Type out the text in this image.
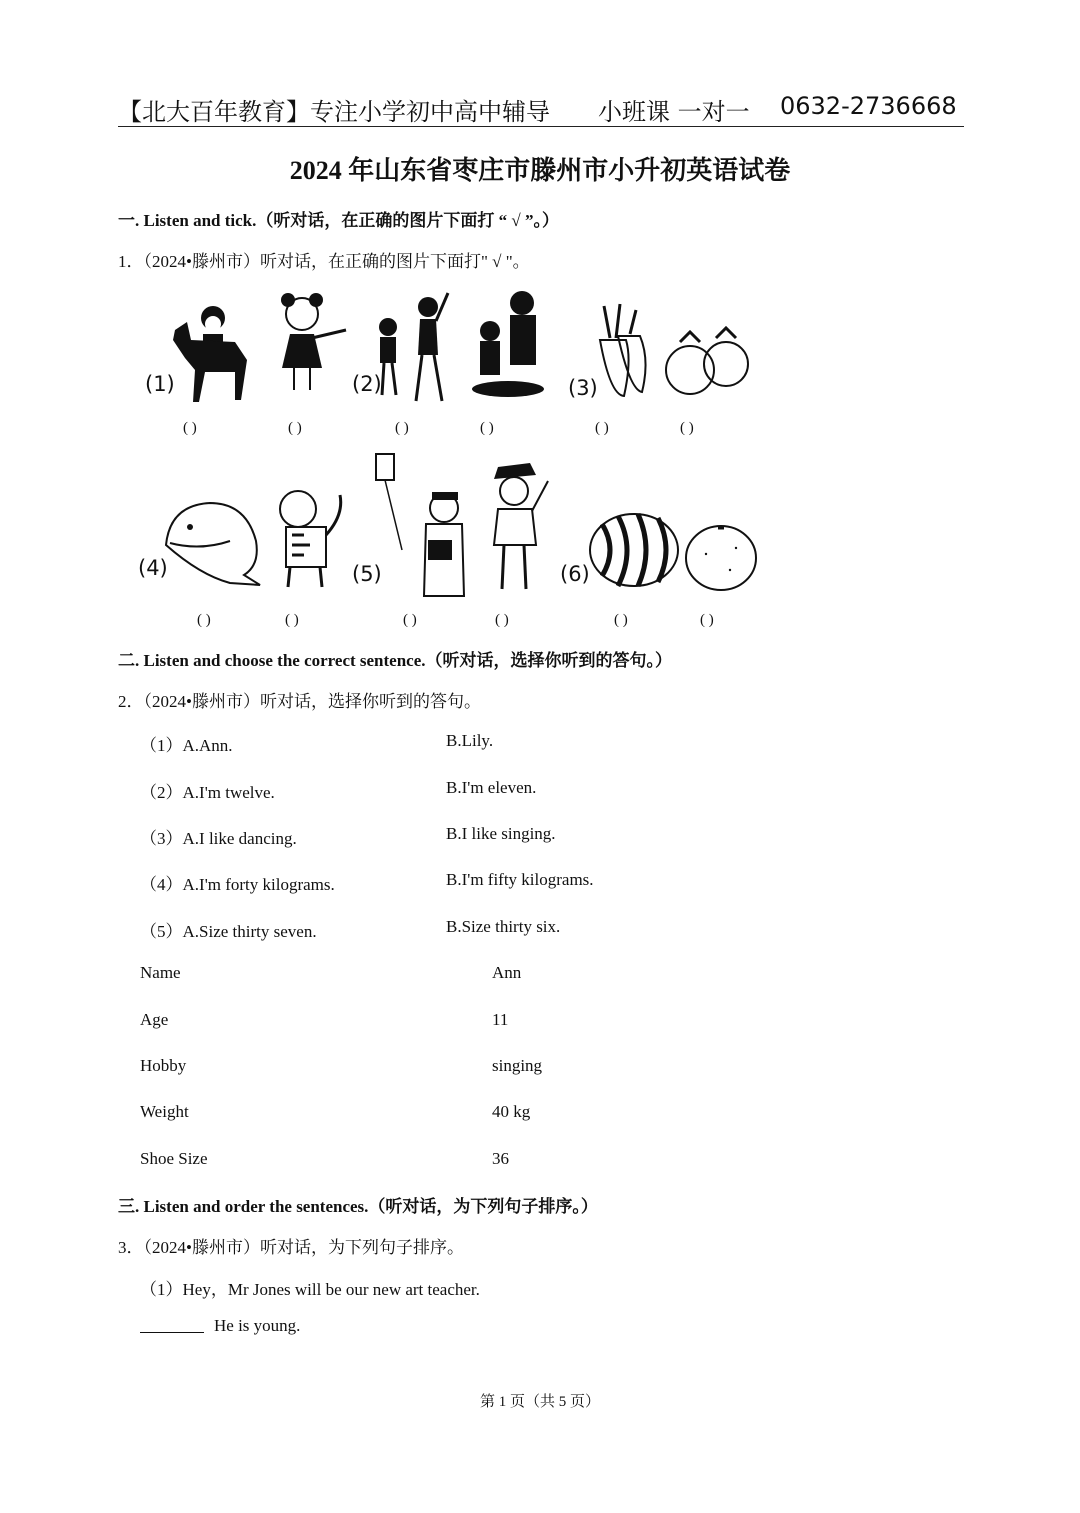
【北大百年教育】专注小学初中高中辅导 小班课 一对一 0632-2736668
2024 年山东省枣庄市滕州市小升初英语试卷
一. Listen and tick.（听对话，在正确的图片下面打 “ √ ”。）
1．（2024•滕州市）听对话，在正确的图片下面打" √ "。
(1)	(2)	(3)
(4)	(5)	(6)
( )	( )	( )	( )	( )	( )
( )	( )	( )	( )	( )	( )
二. Listen and choose the correct sentence.（听对话，选择你听到的答句。）
2．（2024•滕州市）听对话，选择你听到的答句。
（1）A.Ann.	B.Lily.
（2）A.I'm twelve.	B.I'm eleven.
（3）A.I like dancing.	B.I like singing.
（4）A.I'm forty kilograms.	B.I'm fifty kilograms.
（5）A.Size thirty seven.	B.Size thirty six.
Name	Ann
Age	11
Hobby	singing
Weight	40 kg
Shoe Size	36
三. Listen and order the sentences.（听对话，为下列句子排序。）
3．（2024•滕州市）听对话，为下列句子排序。
（1）Hey，Mr Jones will be our new art teacher.
He is young.
第 1 页（共 5 页）
